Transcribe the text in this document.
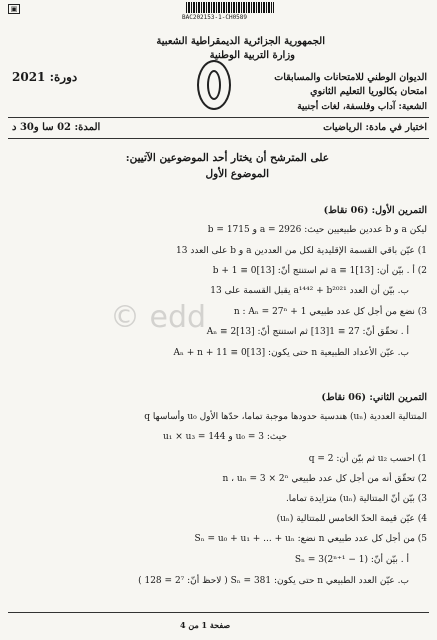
BAC202153-1-CH0589
▣
الجمهورية الجزائرية الديمقراطية الشعبية
وزارة التربية الوطنية
الديوان الوطني للامتحانات والمسابقات
امتحان بكالوريا التعليم الثانوي
الشعبة: آداب وفلسفة، لغات أجنبية
دورة: 2021
اختبار في مادة: الرياضيات
المدة: 02 سا و30 د
على المترشح أن يختار أحد الموضوعين الآتيين:
الموضوع الأول
التمرين الأول: (06 نقاط)
ليكن a و b عددين طبيعيين حيث: a = 2926 و b = 1715
1) عيّن باقي القسمة الإقليدية لكل من العددين a و b على العدد 13
2) أ . بيّن أن: a ≡ 1[13] ثم استنتج أنّ: b + 1 ≡ 0[13]
ب. بيّن أن العدد a¹⁴⁴² + b²⁰²¹ يقبل القسمة على 13
3) نضع من أجل كل عدد طبيعي n : Aₙ = 27ⁿ + 1
أ . تحقّق أنّ: 27 ≡ 1[13] ثم استنتج أنّ: Aₙ ≡ 2[13]
ب. عيّن الأعداد الطبيعية n حتى يكون: Aₙ + n + 11 ≡ 0[13]
© edd
التمرين الثاني: (06 نقاط)
المتتالية العددية (uₙ) هندسية حدودها موجبة تماما، حدّها الأول u₀ وأساسها q
حيث: u₀ = 3 و u₁ × u₃ = 144
1) احسب u₂ ثم بيّن أن: q = 2
2) تحقّق أنه من أجل كل عدد طبيعي n ، uₙ = 3 × 2ⁿ
3) بيّن أنّ المتتالية (uₙ) متزايدة تماما.
4) عيّن قيمة الحدّ الخامس للمتتالية (uₙ)
5) من أجل كل عدد طبيعي n نضع: Sₙ = u₀ + u₁ + ... + uₙ
أ . بيّن أنّ: Sₙ = 3(2ⁿ⁺¹ − 1)
ب. عيّن العدد الطبيعي n حتى يكون: Sₙ = 381 ( لاحظ أنّ: 2⁷ = 128 )
صفحة 1 من 4
